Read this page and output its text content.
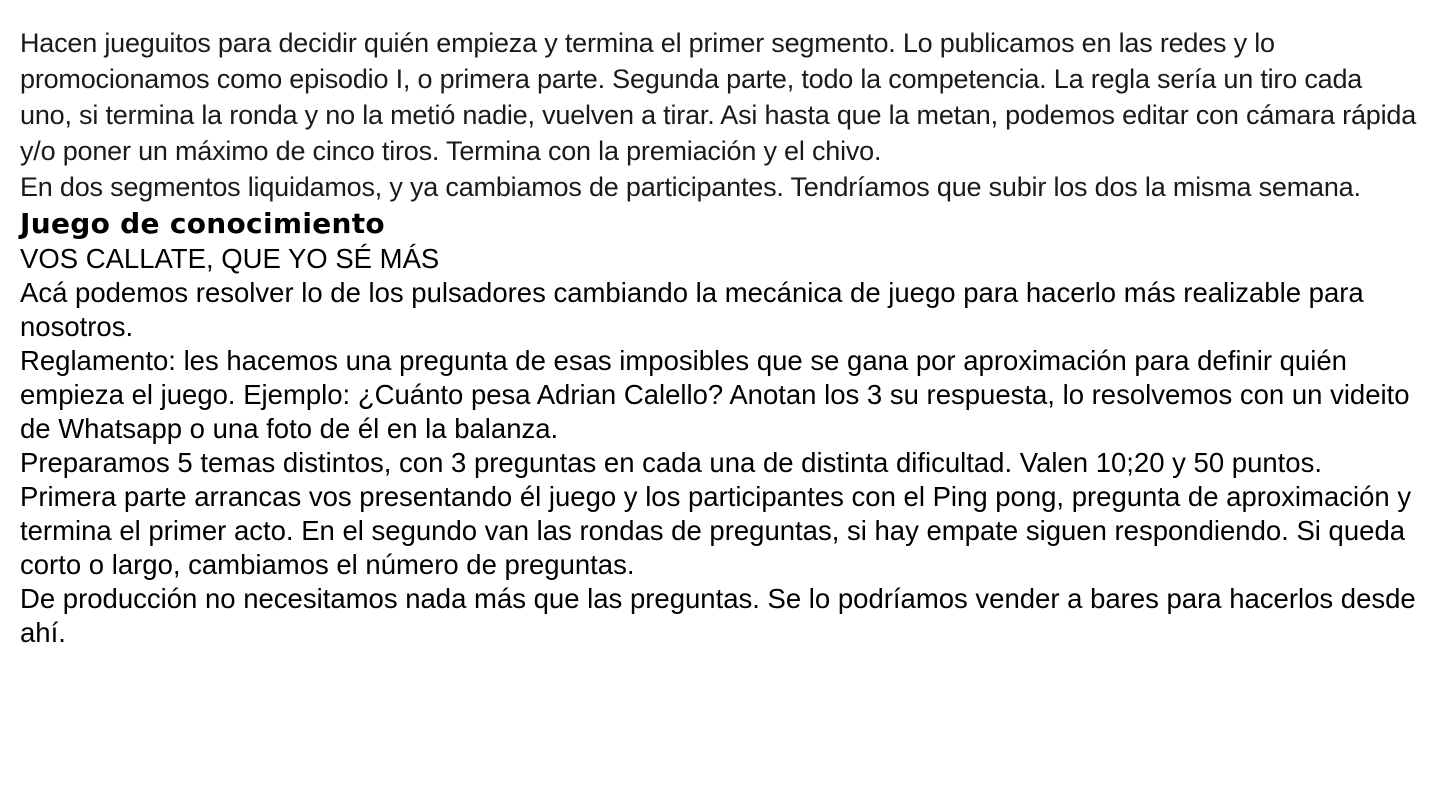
Hacen jueguitos para decidir quién empieza y termina el primer segmento. Lo publicamos en las redes y lo promocionamos como episodio I, o primera parte. Segunda parte, todo la competencia. La regla sería un tiro cada uno, si termina la ronda y no la metió nadie, vuelven a tirar. Asi hasta que la metan, podemos editar con cámara rápida y/o poner un máximo de cinco tiros. Termina con la premiación y el chivo.

En dos segmentos liquidamos, y ya cambiamos de participantes. Tendríamos que subir los dos la misma semana.

Juego de conocimiento

VOS CALLATE, QUE YO SÉ MÁS

Acá podemos resolver lo de los pulsadores cambiando la mecánica de juego para hacerlo más realizable para nosotros.

Reglamento: les hacemos una pregunta de esas imposibles que se gana por aproximación para definir quién empieza el juego. Ejemplo: ¿Cuánto pesa Adrian Calello? Anotan los 3 su respuesta, lo resolvemos con un videito de Whatsapp o una foto de él en la balanza.

Preparamos 5 temas distintos, con 3 preguntas en cada una de distinta dificultad. Valen 10;20 y 50 puntos.

Primera parte arrancas vos presentando él juego y los participantes con el Ping pong, pregunta de aproximación y termina el primer acto. En el segundo van las rondas de preguntas, si hay empate siguen respondiendo. Si queda corto o largo, cambiamos el número de preguntas.

De producción no necesitamos nada más que las preguntas. Se lo podríamos vender a bares para hacerlos desde ahí.
